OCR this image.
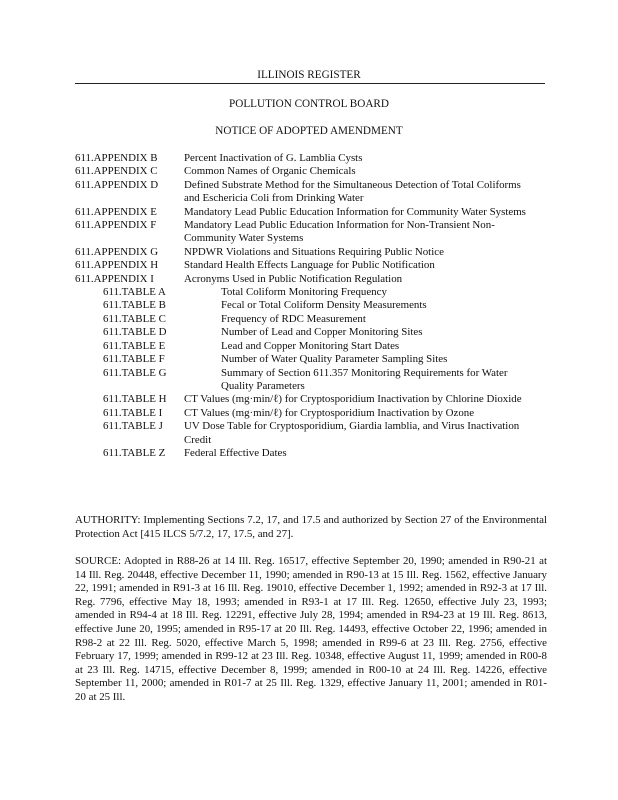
ILLINOIS REGISTER
POLLUTION CONTROL BOARD
NOTICE OF ADOPTED AMENDMENT
611.APPENDIX B	Percent Inactivation of G. Lamblia Cysts
611.APPENDIX C	Common Names of Organic Chemicals
611.APPENDIX D	Defined Substrate Method for the Simultaneous Detection of Total Coliforms and Eschericia Coli from Drinking Water
611.APPENDIX E	Mandatory Lead Public Education Information for Community Water Systems
611.APPENDIX F	Mandatory Lead Public Education Information for Non-Transient Non-Community Water Systems
611.APPENDIX G	NPDWR Violations and Situations Requiring Public Notice
611.APPENDIX H	Standard Health Effects Language for Public Notification
611.APPENDIX I	Acronyms Used in Public Notification Regulation
611.TABLE A	Total Coliform Monitoring Frequency
611.TABLE B	Fecal or Total Coliform Density Measurements
611.TABLE C	Frequency of RDC Measurement
611.TABLE D	Number of Lead and Copper Monitoring Sites
611.TABLE E	Lead and Copper Monitoring Start Dates
611.TABLE F	Number of Water Quality Parameter Sampling Sites
611.TABLE G	Summary of Section 611.357 Monitoring Requirements for Water Quality Parameters
611.TABLE H	CT Values (mg·min/ℓ) for Cryptosporidium Inactivation by Chlorine Dioxide
611.TABLE I	CT Values (mg·min/ℓ) for Cryptosporidium Inactivation by Ozone
611.TABLE J	UV Dose Table for Cryptosporidium, Giardia lamblia, and Virus Inactivation Credit
611.TABLE Z	Federal Effective Dates
AUTHORITY: Implementing Sections 7.2, 17, and 17.5 and authorized by Section 27 of the Environmental Protection Act [415 ILCS 5/7.2, 17, 17.5, and 27].
SOURCE: Adopted in R88-26 at 14 Ill. Reg. 16517, effective September 20, 1990; amended in R90-21 at 14 Ill. Reg. 20448, effective December 11, 1990; amended in R90-13 at 15 Ill. Reg. 1562, effective January 22, 1991; amended in R91-3 at 16 Ill. Reg. 19010, effective December 1, 1992; amended in R92-3 at 17 Ill. Reg. 7796, effective May 18, 1993; amended in R93-1 at 17 Ill. Reg. 12650, effective July 23, 1993; amended in R94-4 at 18 Ill. Reg. 12291, effective July 28, 1994; amended in R94-23 at 19 Ill. Reg. 8613, effective June 20, 1995; amended in R95-17 at 20 Ill. Reg. 14493, effective October 22, 1996; amended in R98-2 at 22 Ill. Reg. 5020, effective March 5, 1998; amended in R99-6 at 23 Ill. Reg. 2756, effective February 17, 1999; amended in R99-12 at 23 Ill. Reg. 10348, effective August 11, 1999; amended in R00-8 at 23 Ill. Reg. 14715, effective December 8, 1999; amended in R00-10 at 24 Ill. Reg. 14226, effective September 11, 2000; amended in R01-7 at 25 Ill. Reg. 1329, effective January 11, 2001; amended in R01-20 at 25 Ill.
